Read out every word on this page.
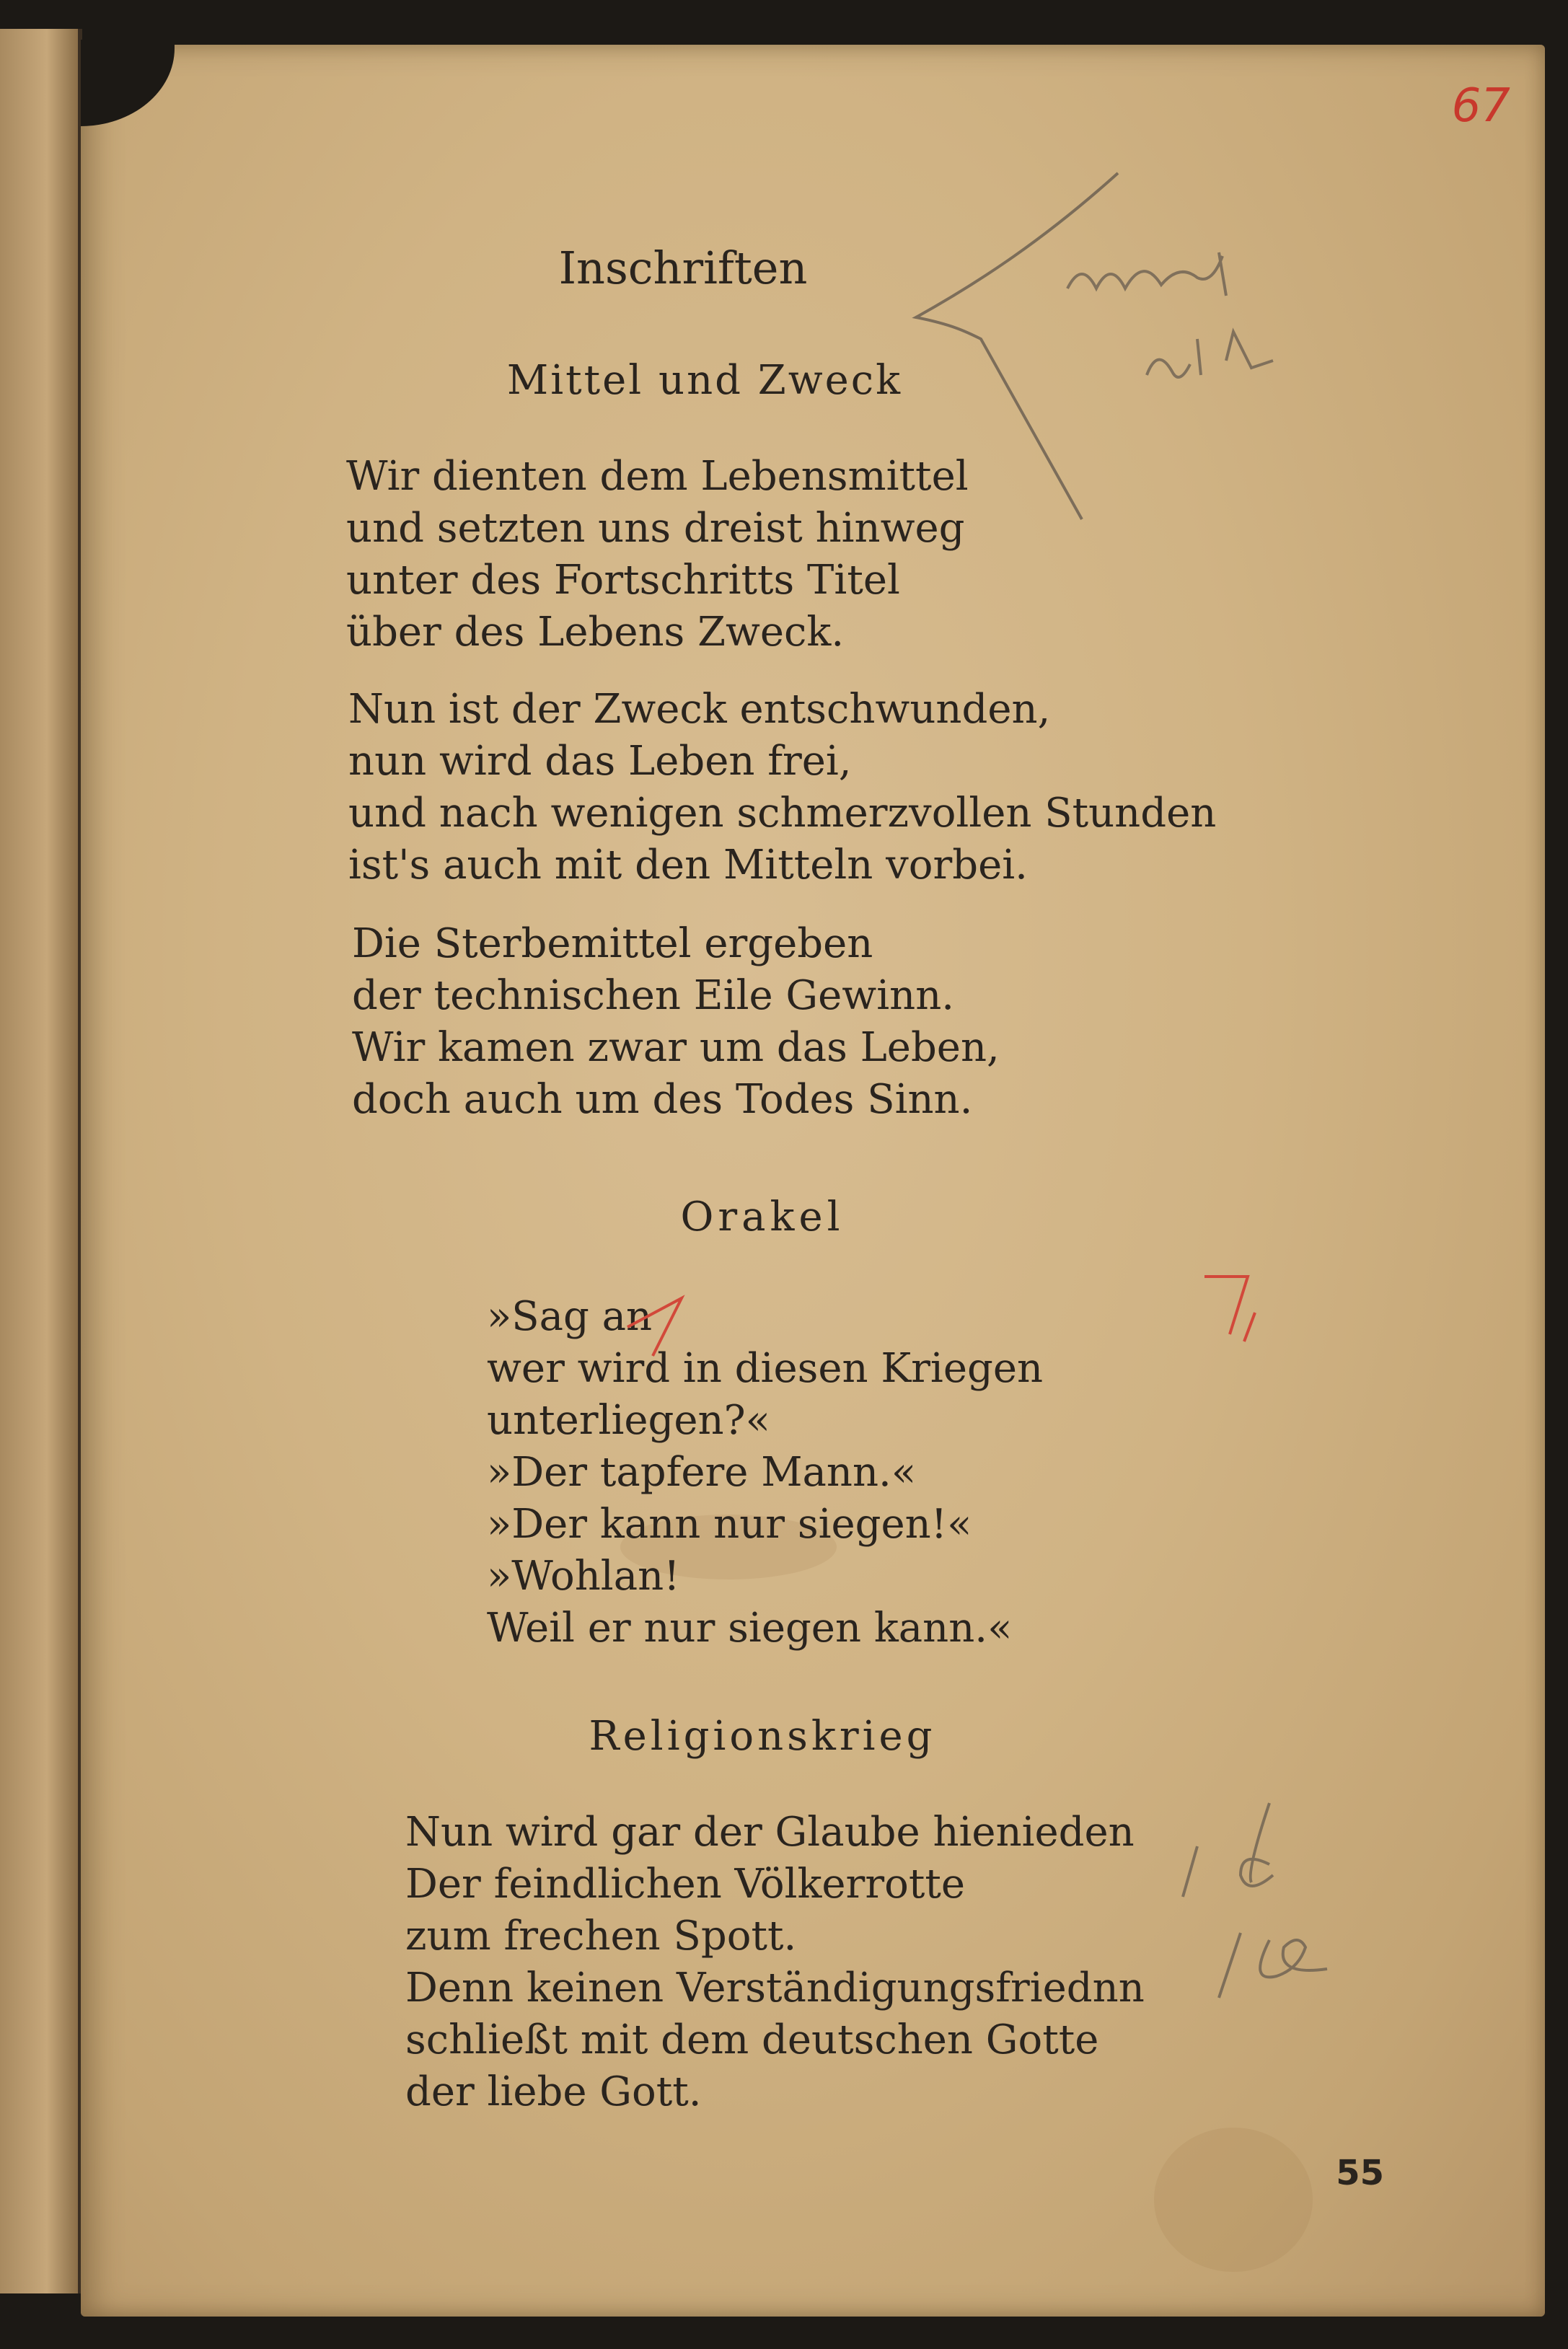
67
Inschriften
Mittel und Zweck
Wir dienten dem Lebensmittel
und setzten uns dreist hinweg
unter des Fortschritts Titel
über des Lebens Zweck.
Nun ist der Zweck entschwunden,
nun wird das Leben frei,
und nach wenigen schmerzvollen Stunden
ist's auch mit den Mitteln vorbei.
Die Sterbemittel ergeben
der technischen Eile Gewinn.
Wir kamen zwar um das Leben,
doch auch um des Todes Sinn.
Orakel
»Sag an
wer wird in diesen Kriegen
unterliegen?«
»Der tapfere Mann.«
»Der kann nur siegen!«
»Wohlan!
Weil er nur siegen kann.«
Religionskrieg
Nun wird gar der Glaube hienieden
Der feindlichen Völkerrotte
zum frechen Spott.
Denn keinen Verständigungsfriednn
schließt mit dem deutschen Gotte
der liebe Gott.
55
